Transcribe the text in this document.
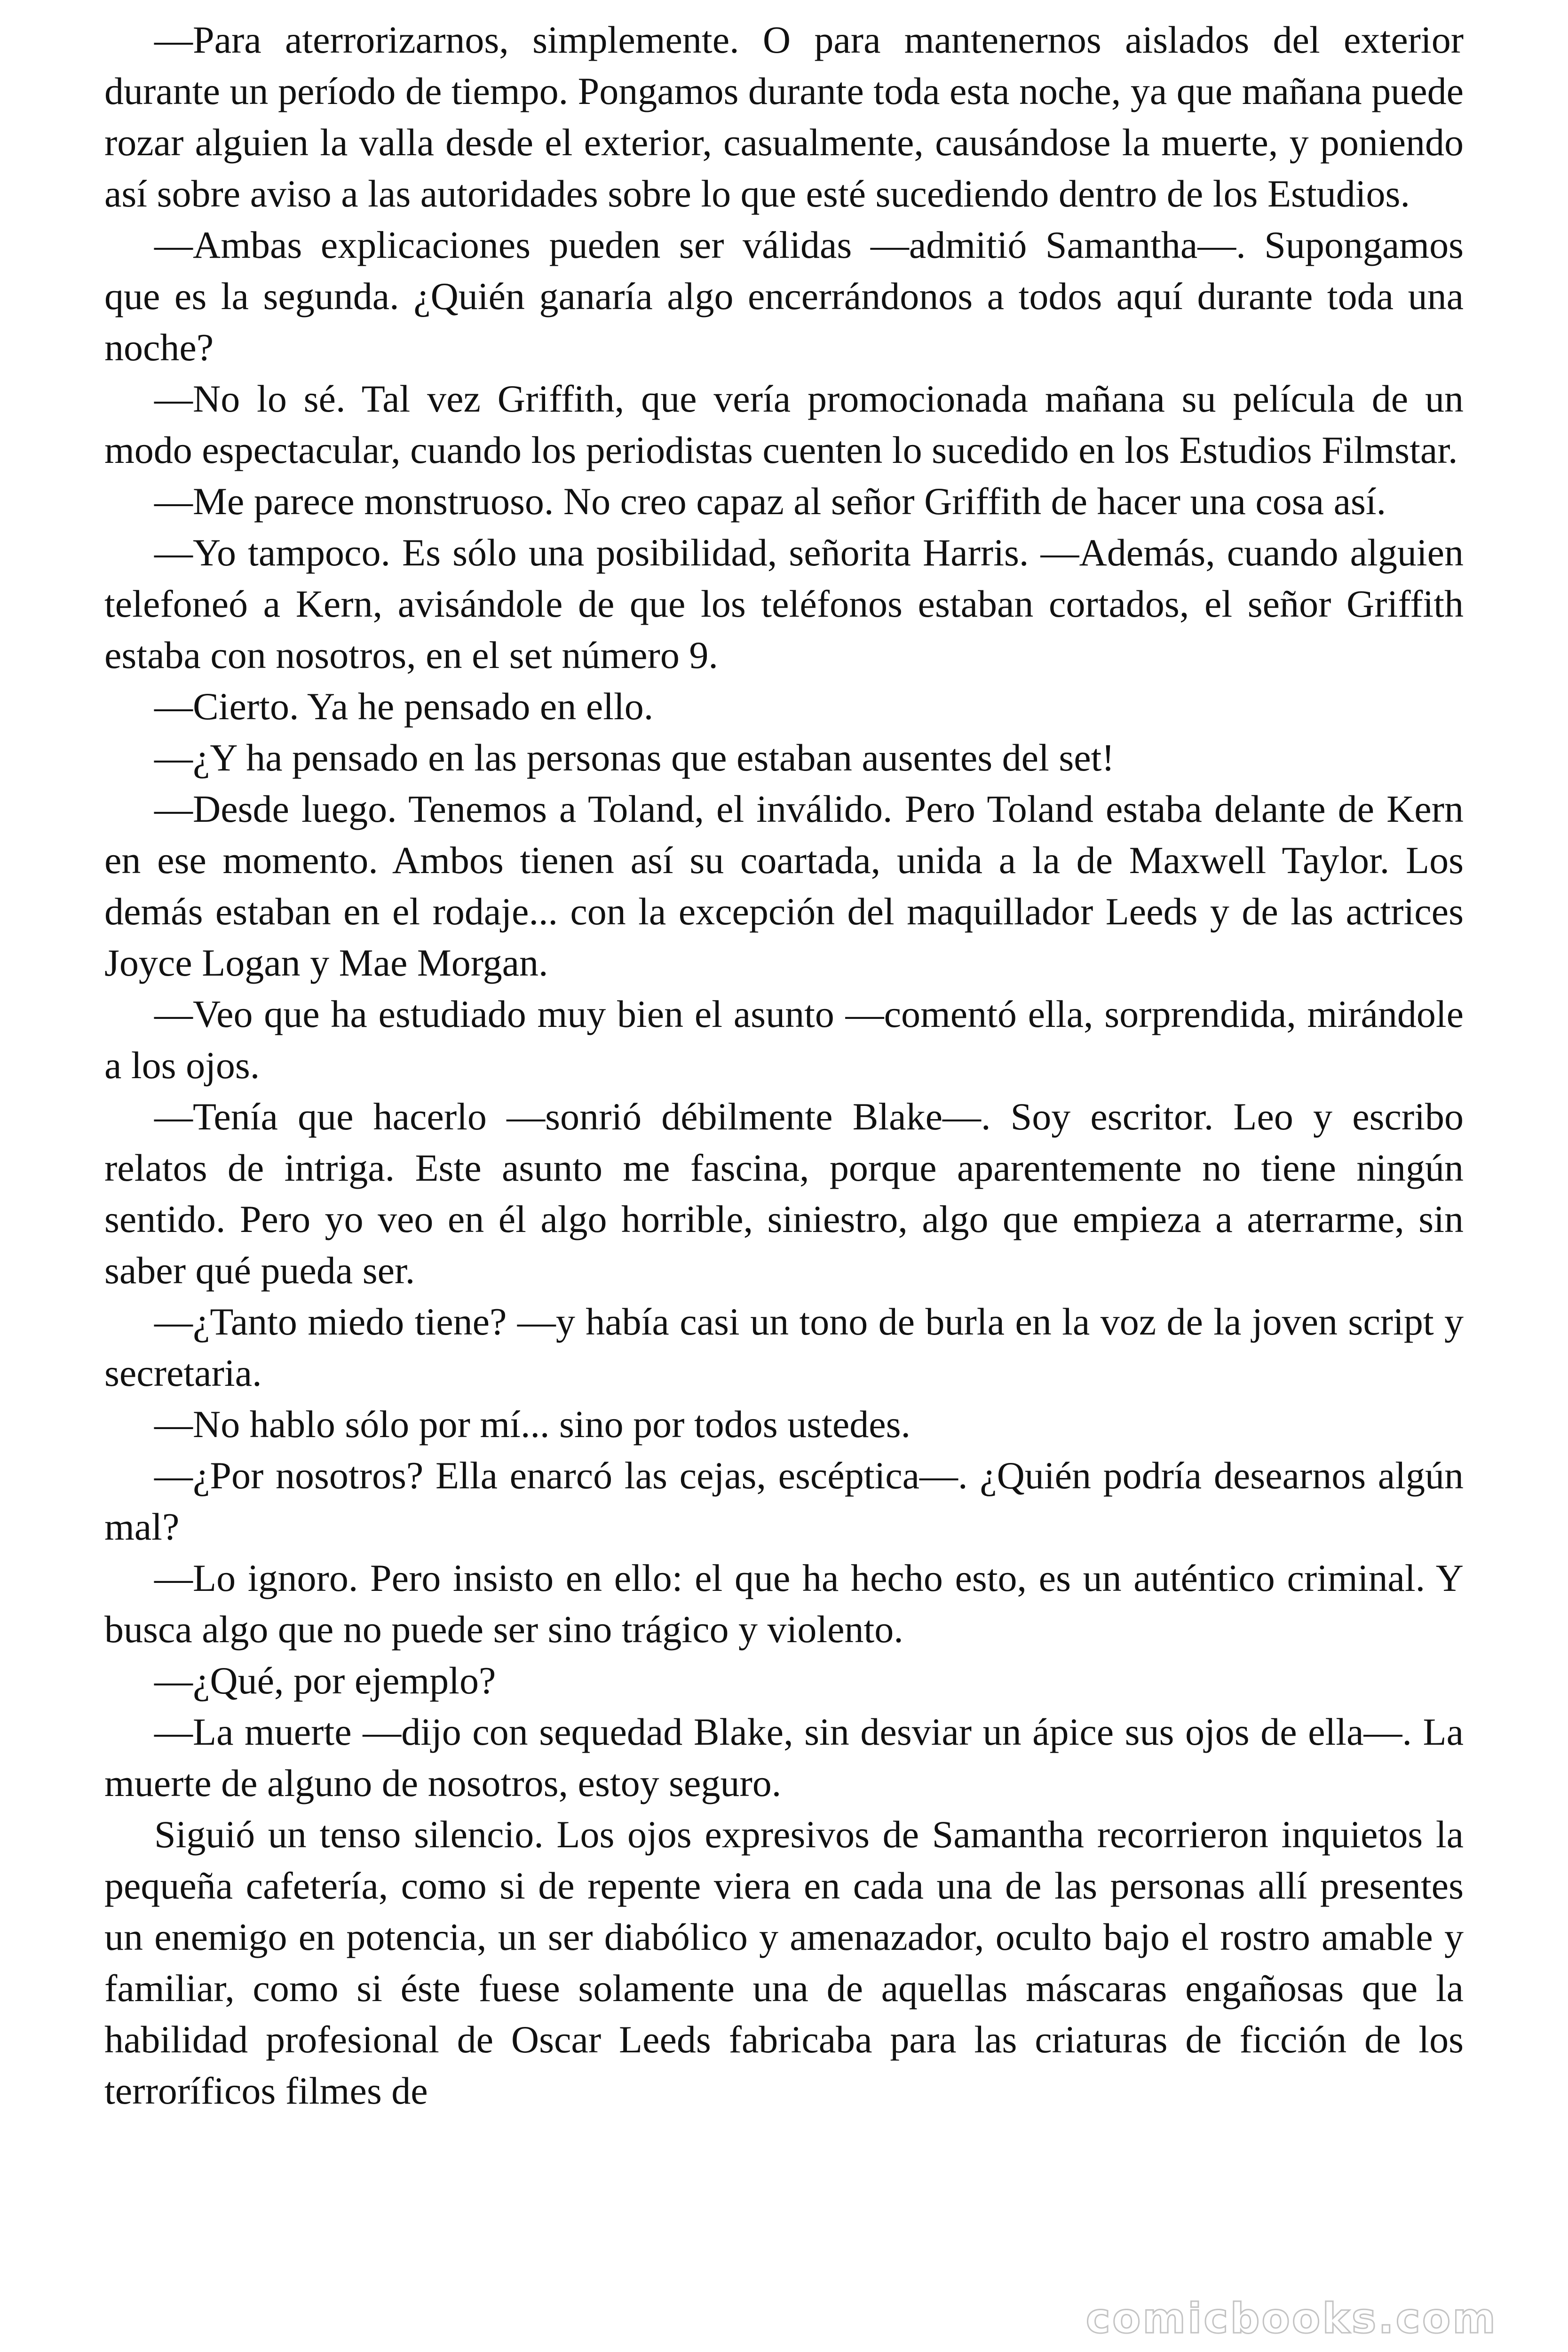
—Para aterrorizarnos, simplemente. O para mantenernos aislados del exterior durante un período de tiempo. Pongamos durante toda esta noche, ya que mañana puede rozar alguien la valla desde el exterior, casualmente, causándose la muerte, y poniendo así sobre aviso a las autoridades sobre lo que esté sucediendo dentro de los Estudios.

—Ambas explicaciones pueden ser válidas —admitió Samantha—. Supongamos que es la segunda. ¿Quién ganaría algo encerrándonos a todos aquí durante toda una noche?

—No lo sé. Tal vez Griffith, que vería promocionada mañana su película de un modo espectacular, cuando los periodistas cuenten lo sucedido en los Estudios Filmstar.

—Me parece monstruoso. No creo capaz al señor Griffith de hacer una cosa así.

—Yo tampoco. Es sólo una posibilidad, señorita Harris. —Además, cuando alguien telefoneó a Kern, avisándole de que los teléfonos estaban cortados, el señor Griffith estaba con nosotros, en el set número 9.

—Cierto. Ya he pensado en ello.

—¿Y ha pensado en las personas que estaban ausentes del set!

—Desde luego. Tenemos a Toland, el inválido. Pero Toland estaba delante de Kern en ese momento. Ambos tienen así su coartada, unida a la de Maxwell Taylor. Los demás estaban en el rodaje... con la excepción del maquillador Leeds y de las actrices Joyce Logan y Mae Morgan.

—Veo que ha estudiado muy bien el asunto —comentó ella, sorprendida, mirándole a los ojos.

—Tenía que hacerlo —sonrió débilmente Blake—. Soy escritor. Leo y escribo relatos de intriga. Este asunto me fascina, porque aparentemente no tiene ningún sentido. Pero yo veo en él algo horrible, siniestro, algo que empieza a aterrarme, sin saber qué pueda ser.

—¿Tanto miedo tiene? —y había casi un tono de burla en la voz de la joven script y secretaria.

—No hablo sólo por mí... sino por todos ustedes.

—¿Por nosotros? Ella enarcó las cejas, escéptica—. ¿Quién podría desearnos algún mal?

—Lo ignoro. Pero insisto en ello: el que ha hecho esto, es un auténtico criminal. Y busca algo que no puede ser sino trágico y violento.

—¿Qué, por ejemplo?

—La muerte —dijo con sequedad Blake, sin desviar un ápice sus ojos de ella—. La muerte de alguno de nosotros, estoy seguro.

Siguió un tenso silencio. Los ojos expresivos de Samantha recorrieron inquietos la pequeña cafetería, como si de repente viera en cada una de las personas allí presentes un enemigo en potencia, un ser diabólico y amenazador, oculto bajo el rostro amable y familiar, como si éste fuese solamente una de aquellas máscaras engañosas que la habilidad profesional de Oscar Leeds fabricaba para las criaturas de ficción de los terroríficos filmes de

comicbooks.com
